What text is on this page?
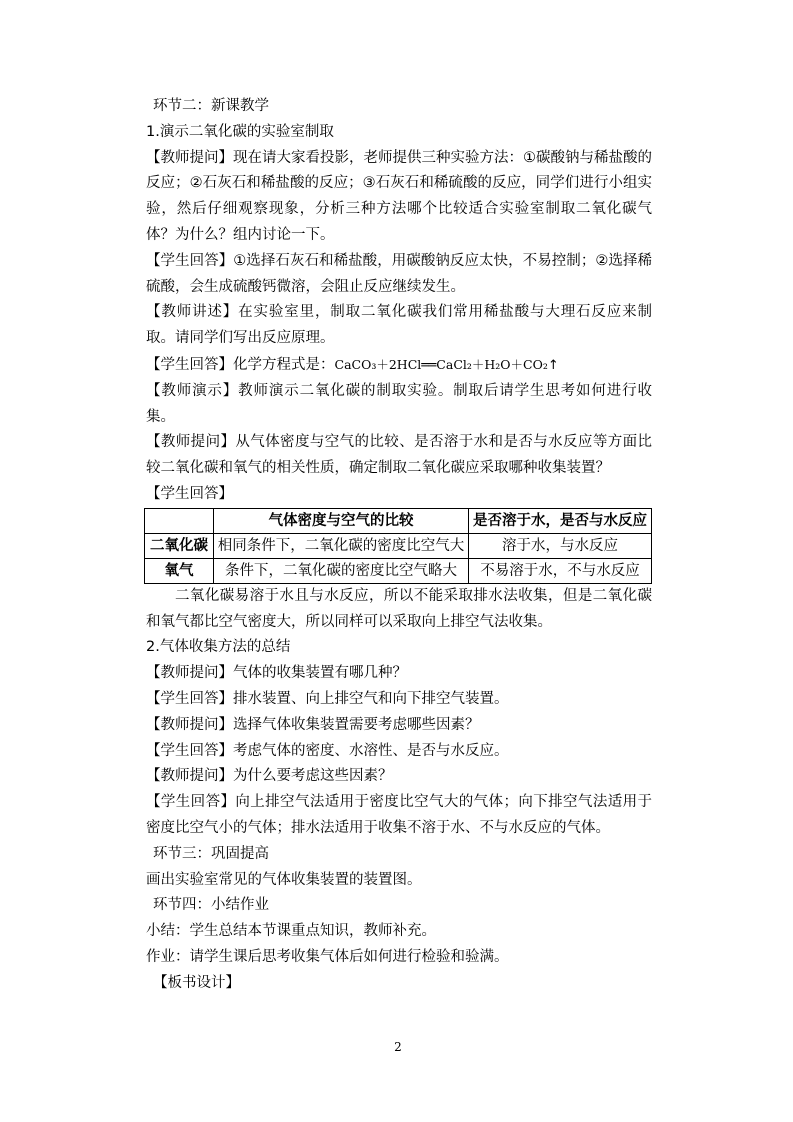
环节二：新课教学

1.演示二氧化碳的实验室制取

【教师提问】现在请大家看投影，老师提供三种实验方法：①碳酸钠与稀盐酸的反应；②石灰石和稀盐酸的反应；③石灰石和稀硫酸的反应，同学们进行小组实验，然后仔细观察现象，分析三种方法哪个比较适合实验室制取二氧化碳气体？为什么？组内讨论一下。

【学生回答】①选择石灰石和稀盐酸，用碳酸钠反应太快，不易控制；②选择稀硫酸，会生成硫酸钙微溶，会阻止反应继续发生。

【教师讲述】在实验室里，制取二氧化碳我们常用稀盐酸与大理石反应来制取。请同学们写出反应原理。

【学生回答】化学方程式是：CaCO₃＋2HCl══CaCl₂＋H₂O＋CO₂↑

【教师演示】教师演示二氧化碳的制取实验。制取后请学生思考如何进行收集。

【教师提问】从气体密度与空气的比较、是否溶于水和是否与水反应等方面比较二氧化碳和氧气的相关性质，确定制取二氧化碳应采取哪种收集装置？

【学生回答】

	气体密度与空气的比较	是否溶于水，是否与水反应
二氧化碳	相同条件下，二氧化碳的密度比空气大	溶于水，与水反应
氧气	条件下，二氧化碳的密度比空气略大	不易溶于水，不与水反应

二氧化碳易溶于水且与水反应，所以不能采取排水法收集，但是二氧化碳和氧气都比空气密度大，所以同样可以采取向上排空气法收集。

2.气体收集方法的总结

【教师提问】气体的收集装置有哪几种？

【学生回答】排水装置、向上排空气和向下排空气装置。

【教师提问】选择气体收集装置需要考虑哪些因素？

【学生回答】考虑气体的密度、水溶性、是否与水反应。

【教师提问】为什么要考虑这些因素？

【学生回答】向上排空气法适用于密度比空气大的气体；向下排空气法适用于密度比空气小的气体；排水法适用于收集不溶于水、不与水反应的气体。

环节三：巩固提高

画出实验室常见的气体收集装置的装置图。

环节四：小结作业

小结：学生总结本节课重点知识，教师补充。

作业：请学生课后思考收集气体后如何进行检验和验满。

【板书设计】

2
